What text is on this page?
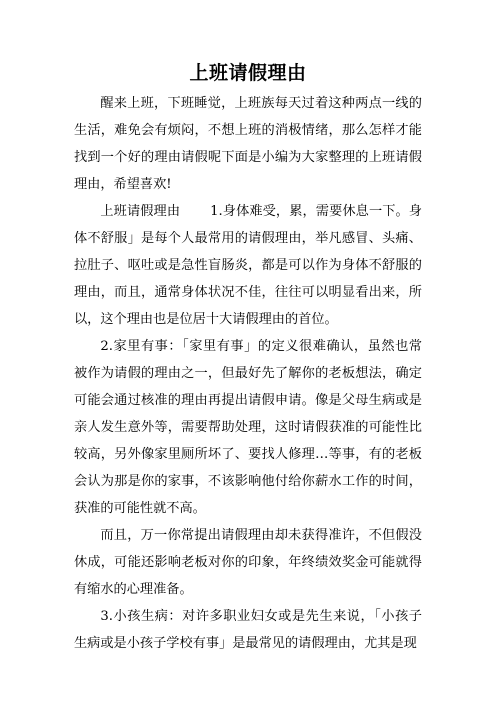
上班请假理由

醒来上班，下班睡觉，上班族每天过着这种两点一线的生活，难免会有烦闷，不想上班的消极情绪，那么怎样才能找到一个好的理由请假呢下面是小编为大家整理的上班请假理由，希望喜欢!

上班请假理由 1.身体难受，累，需要休息一下。身体不舒服」是每个人最常用的请假理由，举凡感冒、头痛、拉肚子、呕吐或是急性盲肠炎，都是可以作为身体不舒服的理由，而且，通常身体状况不佳，往往可以明显看出来，所以，这个理由也是位居十大请假理由的首位。

2.家里有事：「家里有事」的定义很难确认，虽然也常被作为请假的理由之一，但最好先了解你的老板想法，确定可能会通过核准的理由再提出请假申请。像是父母生病或是亲人发生意外等，需要帮助处理，这时请假获准的可能性比较高，另外像家里厕所坏了、要找人修理…等事，有的老板会认为那是你的家事，不该影响他付给你薪水工作的时间，获准的可能性就不高。

而且，万一你常提出请假理由却未获得准许，不但假没休成，可能还影响老板对你的印象，年终绩效奖金可能就得有缩水的心理准备。

3.小孩生病：对许多职业妇女或是先生来说，「小孩子生病或是小孩子学校有事」是最常见的请假理由，尤其是现
